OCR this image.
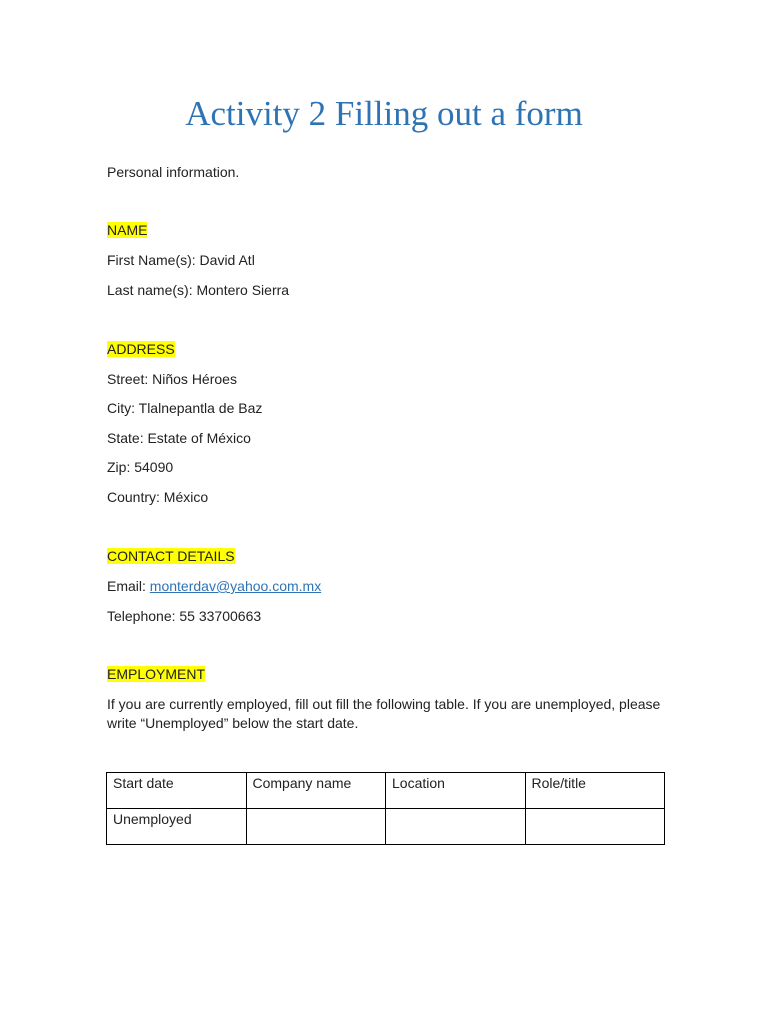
Activity 2 Filling out a form
Personal information.
NAME
First Name(s): David Atl
Last name(s): Montero Sierra
ADDRESS
Street: Niños Héroes
City: Tlalnepantla de Baz
State: Estate of México
Zip: 54090
Country: México
CONTACT DETAILS
Email: monterdav@yahoo.com.mx
Telephone: 55 33700663
EMPLOYMENT
If you are currently employed, fill out fill the following table. If you are unemployed, please write “Unemployed” below the start date.
Start date	Company name	Location	Role/title
Unemployed			
